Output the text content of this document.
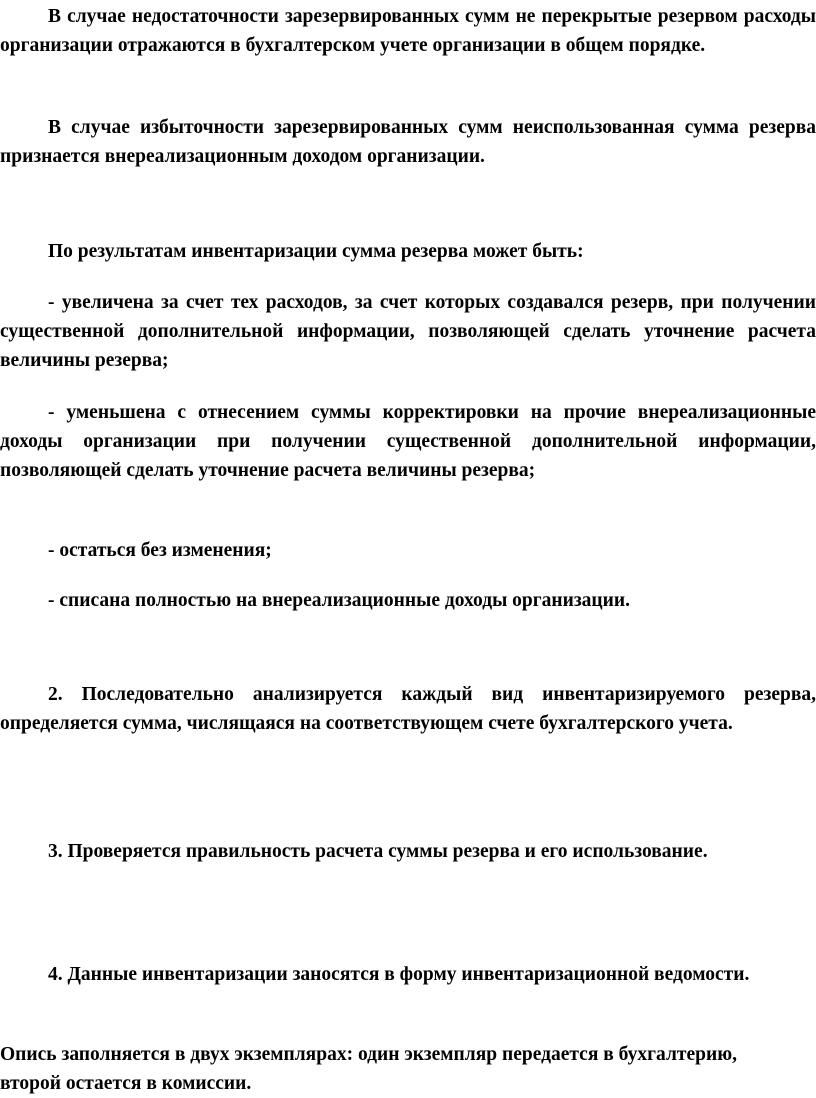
В случае недостаточности зарезервированных сумм не перекрытые резервом расходы организации отражаются в бухгалтерском учете организации в общем порядке.

В случае избыточности зарезервированных сумм неиспользованная сумма резерва признается внереализационным доходом организации.

По результатам инвентаризации сумма резерва может быть:

- увеличена за счет тех расходов, за счет которых создавался резерв, при получении существенной дополнительной информации, позволяющей сделать уточнение расчета величины резерва;

- уменьшена с отнесением суммы корректировки на прочие внереализационные доходы организации при получении существенной дополнительной информации, позволяющей сделать уточнение расчета величины резерва;

- остаться без изменения;

- списана полностью на внереализационные доходы организации.

2. Последовательно анализируется каждый вид инвентаризируемого резерва, определяется сумма, числящаяся на соответствующем счете бухгалтерского учета.

3. Проверяется правильность расчета суммы резерва и его использование.

4. Данные инвентаризации заносятся в форму инвентаризационной ведомости.

Опись заполняется в двух экземплярах: один экземпляр передается в бухгалтерию, второй остается в комиссии.
